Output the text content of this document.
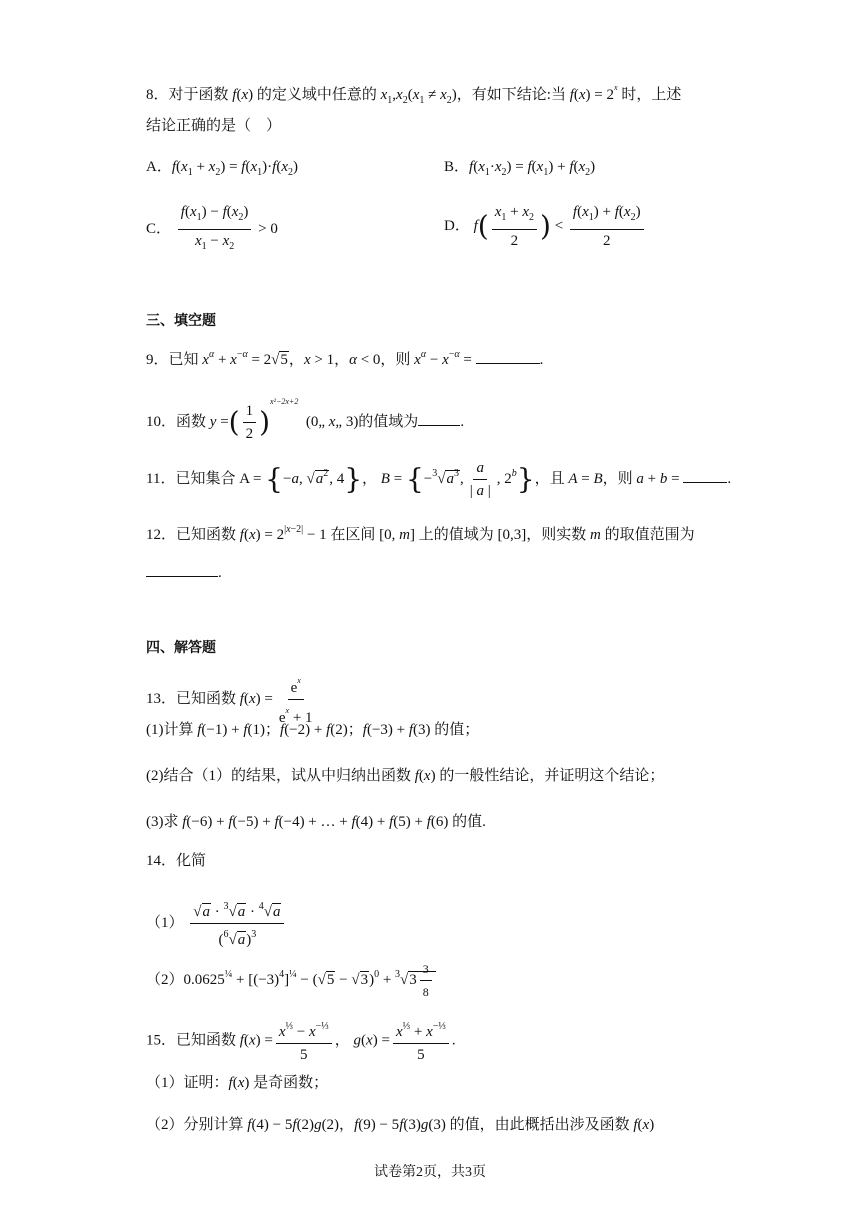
8．对于函数 f(x) 的定义域中任意的 $x_1,x_2(x_1 \ne x_2)$，有如下结论:当 $f(x) = 2^x$ 时，上述
结论正确的是（　）
A．$f(x_1 + x_2) = f(x_1)\cdot f(x_2)$	B．$f(x_1\cdot x_2) = f(x_1) + f(x_2)$
C． $\frac{f(x_1) - f(x_2)}{x_1 - x_2} > 0$	D． $f( \frac{x_1 + x_2}{2}$ ) < $\frac{f(x_1) + f(x_2)}{2}$
三、填空题
9．已知 $x^\alpha + x^{-\alpha} = 2√5$，x > 1，α < 0，则 $x^\alpha - x^{-\alpha}$ =	.
10．函数 y =( $\frac{1}{2} )^{x^2-2x+2}$  (0„ x„ 3)的值域为	.
11．已知集合 A = {−a, $√a^2$, 4}， $B = \{-^3√a^3$, $\frac{a}{| a |}$ , 2$^b$}，且 A = B，则 a + b =	.
12．已知函数 $f(x) = 2^{|x-2|} - 1$ 在区间 [0, m] 上的值域为 [0,3]，则实数 m 的取值范围为
.
四、解答题
13．已知函数 $f(x) = \frac{e^x}{e^x + 1}$
(1)计算 f(−1) + f(1)；f(−2) + f(2)；f(−3) + f(3) 的值；
(2)结合（1）的结果，试从中归纳出函数 f(x) 的一般性结论，并证明这个结论；
(3)求 f(−6) + f(−5) + f(−4) + … + f(4) + f(5) + f(6) 的值.
14．化简
$(1) \frac{√a \cdot ^3√a \cdot ^4√a}{(^6√a)^3}$
$(2)0.0625^{\frac{1}{4}} + [(-3)^4]^{\frac{1}{4}} - (√5 - √3)^0 + ^3√3 \frac{3}{8}$
15．已知函数 $f(x) = \frac{x^{\frac{1}{3}} - x^{-\frac{1}{3}}}{5}$ ， $g(x) = \frac{x^{\frac{1}{3}} + x^{-\frac{1}{3}}}{5}$ .
（1）证明：f(x) 是奇函数；
（2）分别计算 f(4) − 5f(2)g(2)，f(9) − 5f(3)g(3) 的值，由此概括出涉及函数 f(x)
试卷第2页，共3页
